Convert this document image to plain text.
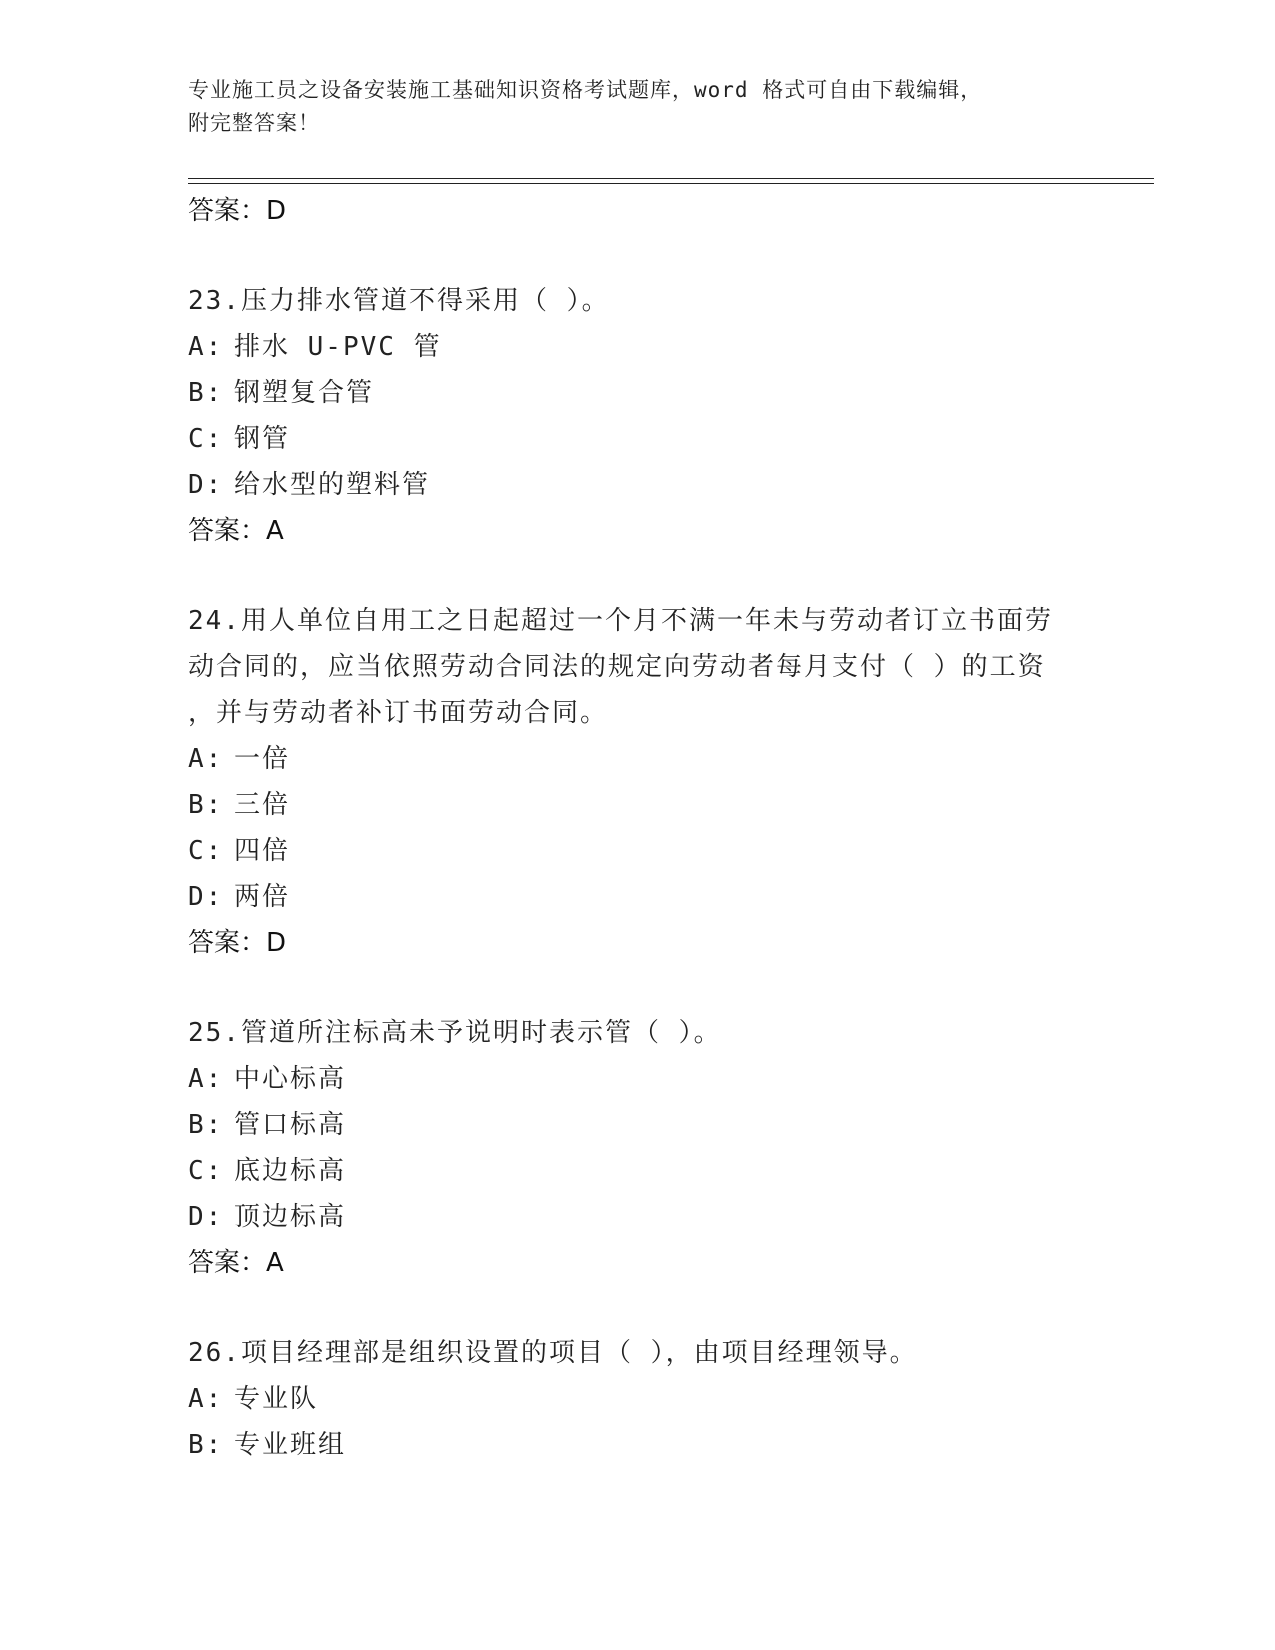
专业施工员之设备安装施工基础知识资格考试题库，word 格式可自由下载编辑，
附完整答案！
答案：D
23.压力排水管道不得采用（ ）。
A: 排水 U-PVC 管
B: 钢塑复合管
C: 钢管
D: 给水型的塑料管
答案：A
24.用人单位自用工之日起超过一个月不满一年未与劳动者订立书面劳
动合同的，应当依照劳动合同法的规定向劳动者每月支付（ ）的工资
，并与劳动者补订书面劳动合同。
A: 一倍
B: 三倍
C: 四倍
D: 两倍
答案：D
25.管道所注标高未予说明时表示管（ ）。
A: 中心标高
B: 管口标高
C: 底边标高
D: 顶边标高
答案：A
26.项目经理部是组织设置的项目（ ），由项目经理领导。
A: 专业队
B: 专业班组
